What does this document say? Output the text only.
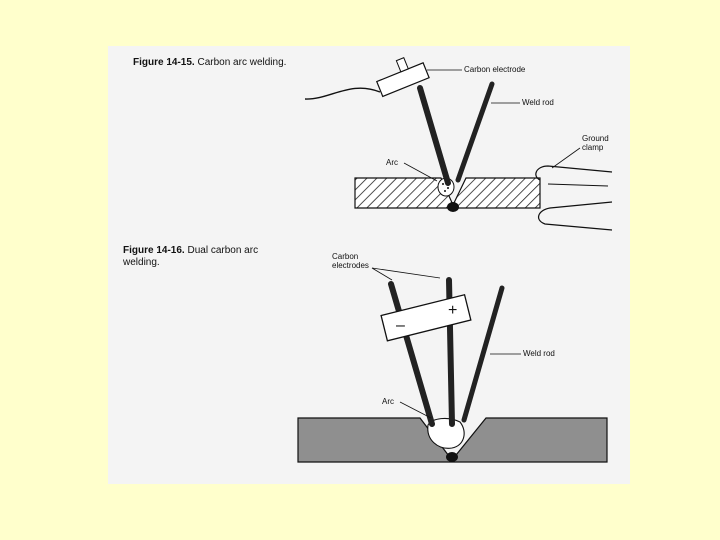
Figure 14-15. Carbon arc welding.
Figure 14-16. Dual carbon arc welding.
Carbon electrode
Weld rod
Ground clamp
Arc
Carbon electrodes
Weld rod
Arc
–
+
